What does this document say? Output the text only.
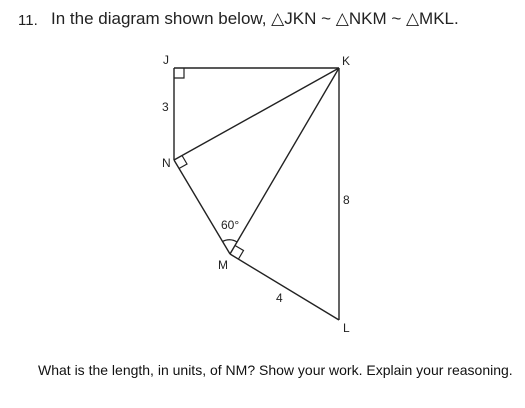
11. In the diagram shown below, △JKN ~ △NKM ~ △MKL.
J	K
N
M
L
3
8
4
60°
What is the length, in units, of NM? Show your work. Explain your reasoning.
